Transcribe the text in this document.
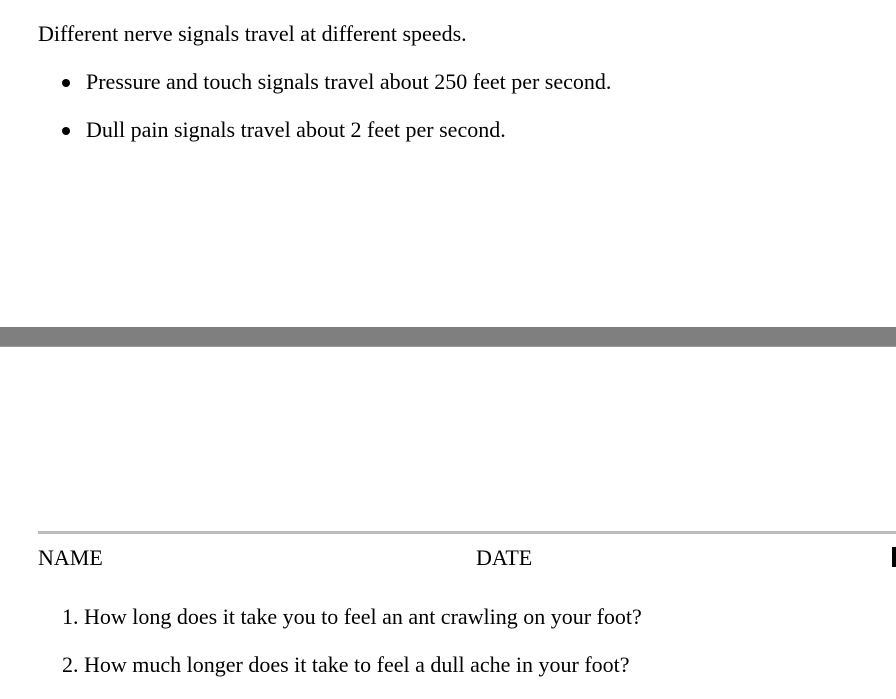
Different nerve signals travel at different speeds.
Pressure and touch signals travel about 250 feet per second.
Dull pain signals travel about 2 feet per second.
NAME	DATE
1. How long does it take you to feel an ant crawling on your foot?
2. How much longer does it take to feel a dull ache in your foot?
